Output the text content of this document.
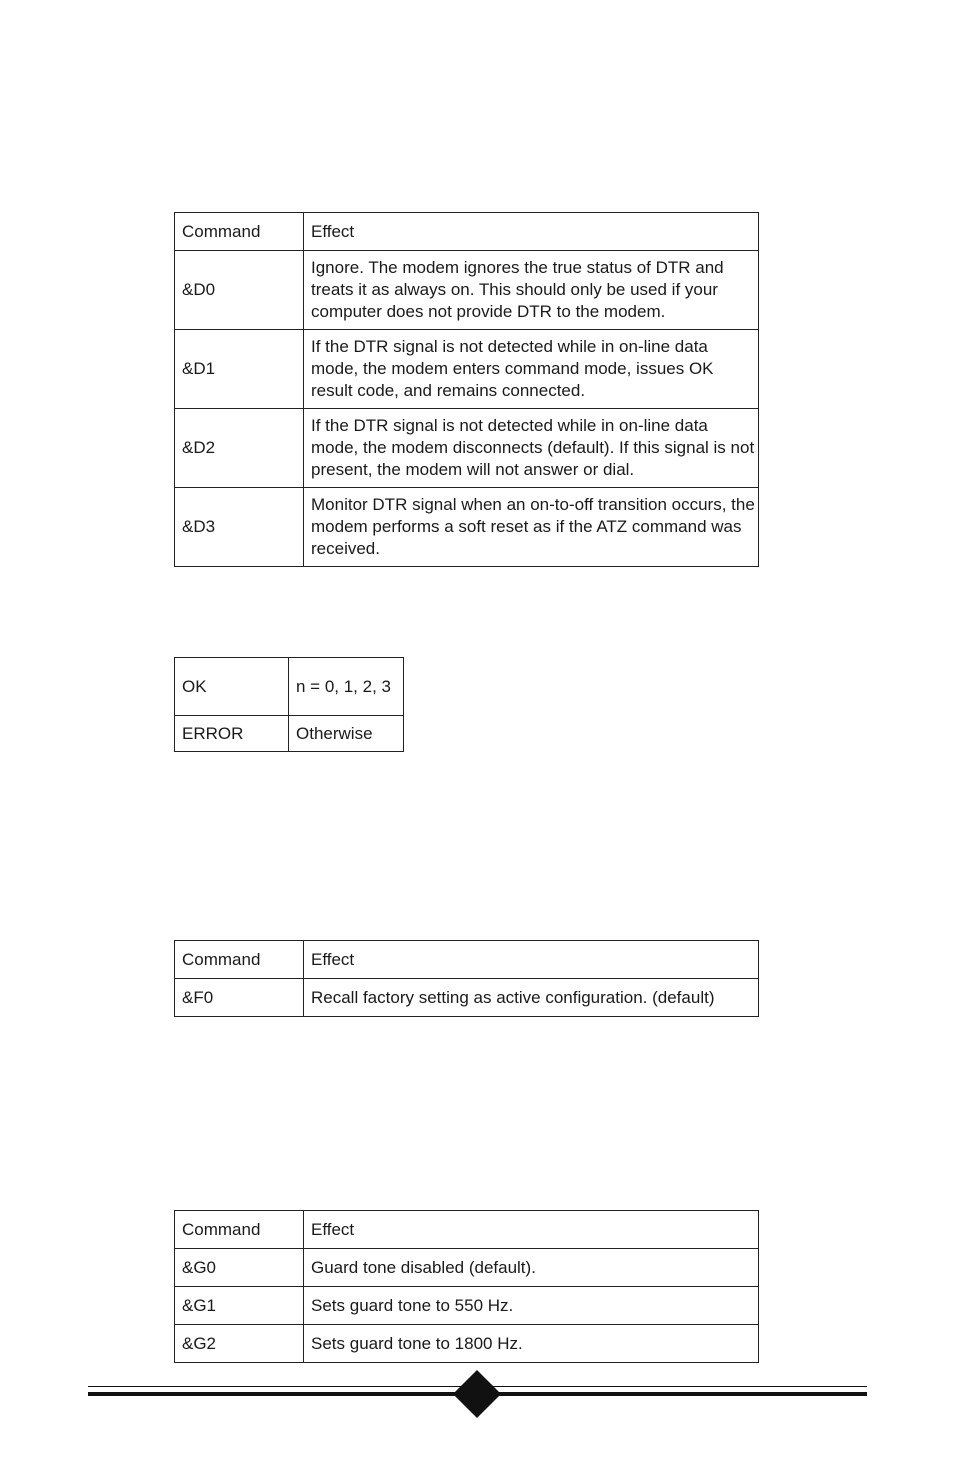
Command	Effect
&D0	Ignore. The modem ignores the true status of DTR and treats it as always on. This should only be used if your computer does not provide DTR to the modem.
&D1	If the DTR signal is not detected while in on-line data mode, the modem enters command mode, issues OK result code, and remains connected.
&D2	If the DTR signal is not detected while in on-line data mode, the modem disconnects (default). If this signal is not present, the modem will not answer or dial.
&D3	Monitor DTR signal when an on-to-off transition occurs, the modem performs a soft reset as if the ATZ command was received.
OK	n = 0, 1, 2, 3
ERROR	Otherwise
Command	Effect
&F0	Recall factory setting as active configuration. (default)
Command	Effect
&G0	Guard tone disabled (default).
&G1	Sets guard tone to 550 Hz.
&G2	Sets guard tone to 1800 Hz.
